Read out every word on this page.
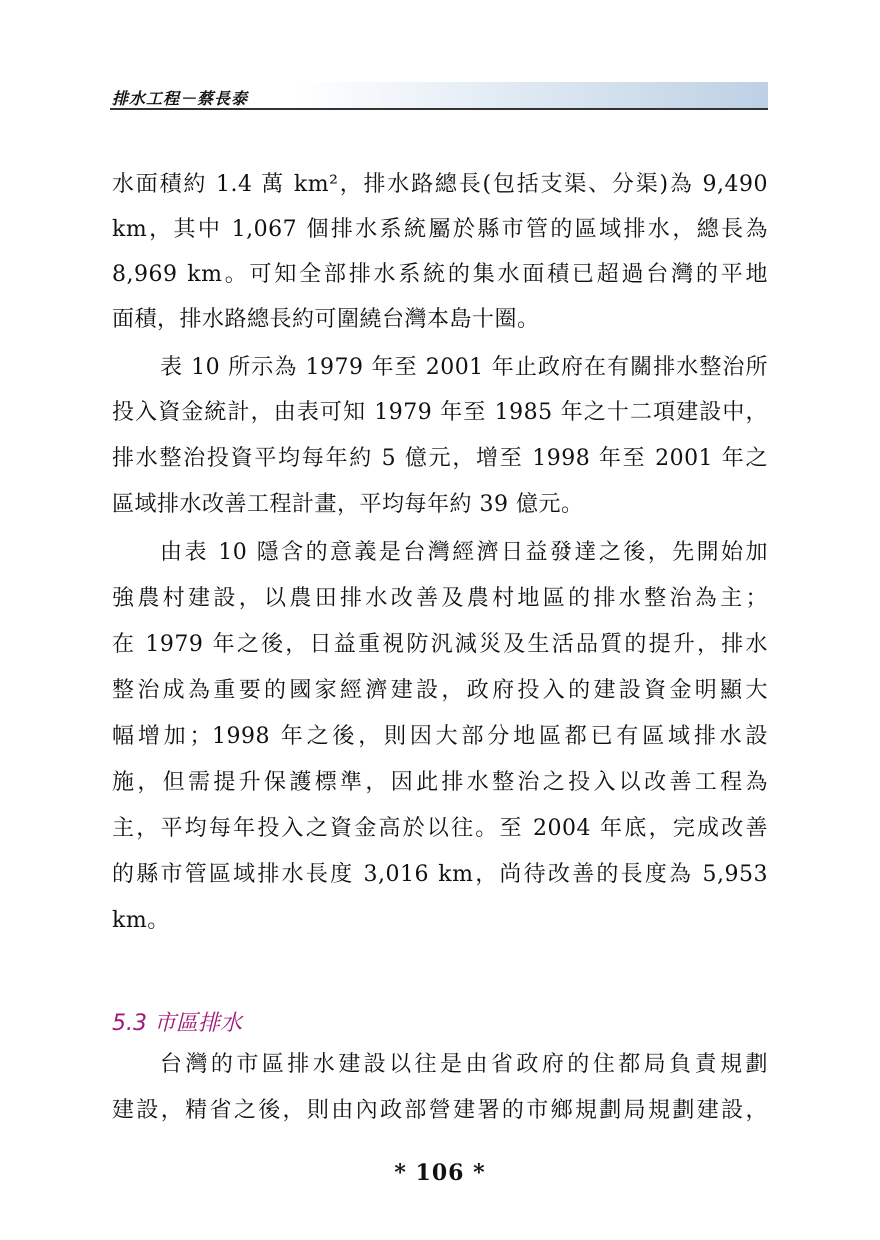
排水工程－蔡長泰
水面積約 1.4 萬 km²，排水路總長(包括支渠、分渠)為 9,490
km，其中 1,067 個排水系統屬於縣市管的區域排水，總長為
8,969 km。可知全部排水系統的集水面積已超過台灣的平地
面積，排水路總長約可圍繞台灣本島十圈。
表 10 所示為 1979 年至 2001 年止政府在有關排水整治所
投入資金統計，由表可知 1979 年至 1985 年之十二項建設中，
排水整治投資平均每年約 5 億元，增至 1998 年至 2001 年之
區域排水改善工程計畫，平均每年約 39 億元。
由表 10 隱含的意義是台灣經濟日益發達之後，先開始加
強農村建設，以農田排水改善及農村地區的排水整治為主；
在 1979 年之後，日益重視防汎減災及生活品質的提升，排水
整治成為重要的國家經濟建設，政府投入的建設資金明顯大
幅增加；1998 年之後，則因大部分地區都已有區域排水設
施，但需提升保護標準，因此排水整治之投入以改善工程為
主，平均每年投入之資金高於以往。至 2004 年底，完成改善
的縣市管區域排水長度 3,016 km，尚待改善的長度為 5,953
km。
5.3 市區排水
台灣的市區排水建設以往是由省政府的住都局負責規劃
建設，精省之後，則由內政部營建署的市鄉規劃局規劃建設，
* 106 *
